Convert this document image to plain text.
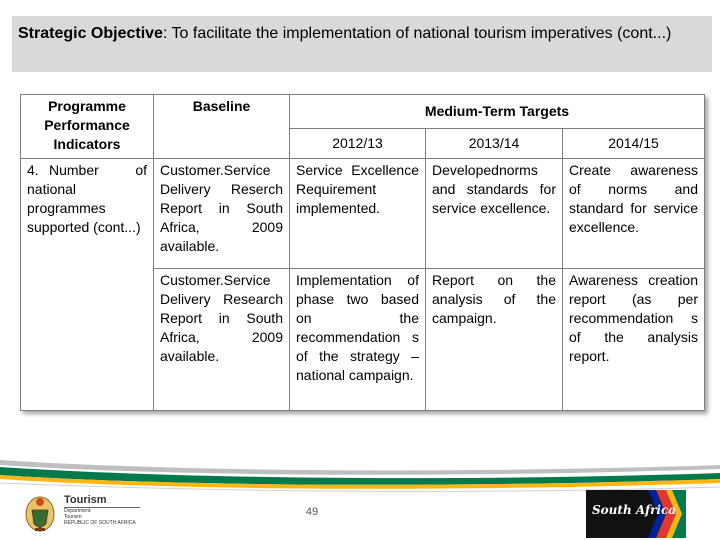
Strategic Objective: To facilitate the implementation of national tourism imperatives (cont...)
Programme Performance Indicators	Baseline	Medium-Term Targets		
		2012/13	2013/14	2014/15
4. Number of national programmes supported (cont...)	Customer.Service Delivery Reserch Report in South Africa, 2009 available.	Service Excellence Requirement implemented.	Developednorms and standards for service excellence.	Create awareness of norms and standard for service excellence.
	Customer.Service Delivery Research Report in South Africa, 2009 available.	Implementation of phase two based on the recommendation s of the strategy – national campaign.	Report on the analysis of the campaign.	Awareness creation report (as per recommendation s of the analysis report.
Tourism
Department:
Tourism
REPUBLIC OF SOUTH AFRICA
49	South Africa
